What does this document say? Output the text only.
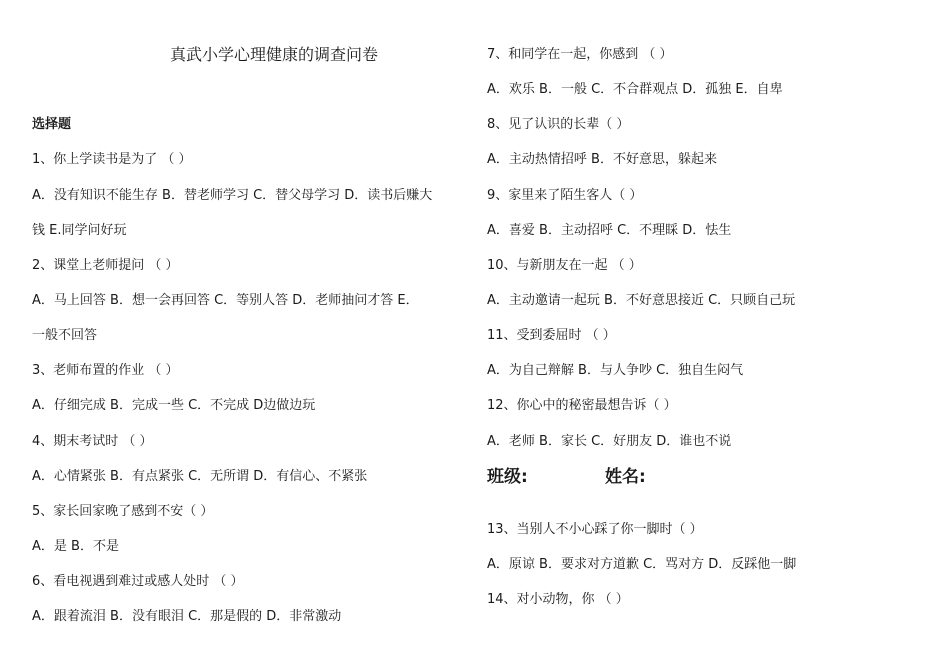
真武小学心理健康的调查问卷
选择题
1、你上学读书是为了 （ ）
A．没有知识不能生存 B．替老师学习 C．替父母学习 D．读书后赚大
钱 E.同学问好玩
2、课堂上老师提问 （ ）
A．马上回答 B．想一会再回答 C．等别人答 D．老师抽问才答 E．
一般不回答
3、老师布置的作业 （ ）
A．仔细完成 B．完成一些 C．不完成 D边做边玩
4、期末考试时 （ ）
A．心情紧张 B．有点紧张 C．无所谓 D．有信心、不紧张
5、家长回家晚了感到不安（ ）
A．是 B．不是
6、看电视遇到难过或感人处时 （ ）
A．跟着流泪 B．没有眼泪 C．那是假的 D．非常激动
7、和同学在一起，你感到 （ ）
A．欢乐 B．一般 C．不合群观点 D．孤独 E．自卑
8、见了认识的长辈（ ）
A．主动热情招呼 B．不好意思，躲起来
9、家里来了陌生客人（ ）
A．喜爱 B．主动招呼 C．不理睬 D．怯生
10、与新朋友在一起 （ ）
A．主动邀请一起玩 B．不好意思接近 C．只顾自己玩
11、受到委屈时 （ ）
A．为自己辩解 B．与人争吵 C．独自生闷气
12、你心中的秘密最想告诉（ ）
A．老师 B．家长 C．好朋友 D．谁也不说
班级:	姓名:
13、当别人不小心踩了你一脚时（ ）
A．原谅 B．要求对方道歉 C．骂对方 D．反踩他一脚
14、对小动物，你 （ ）
